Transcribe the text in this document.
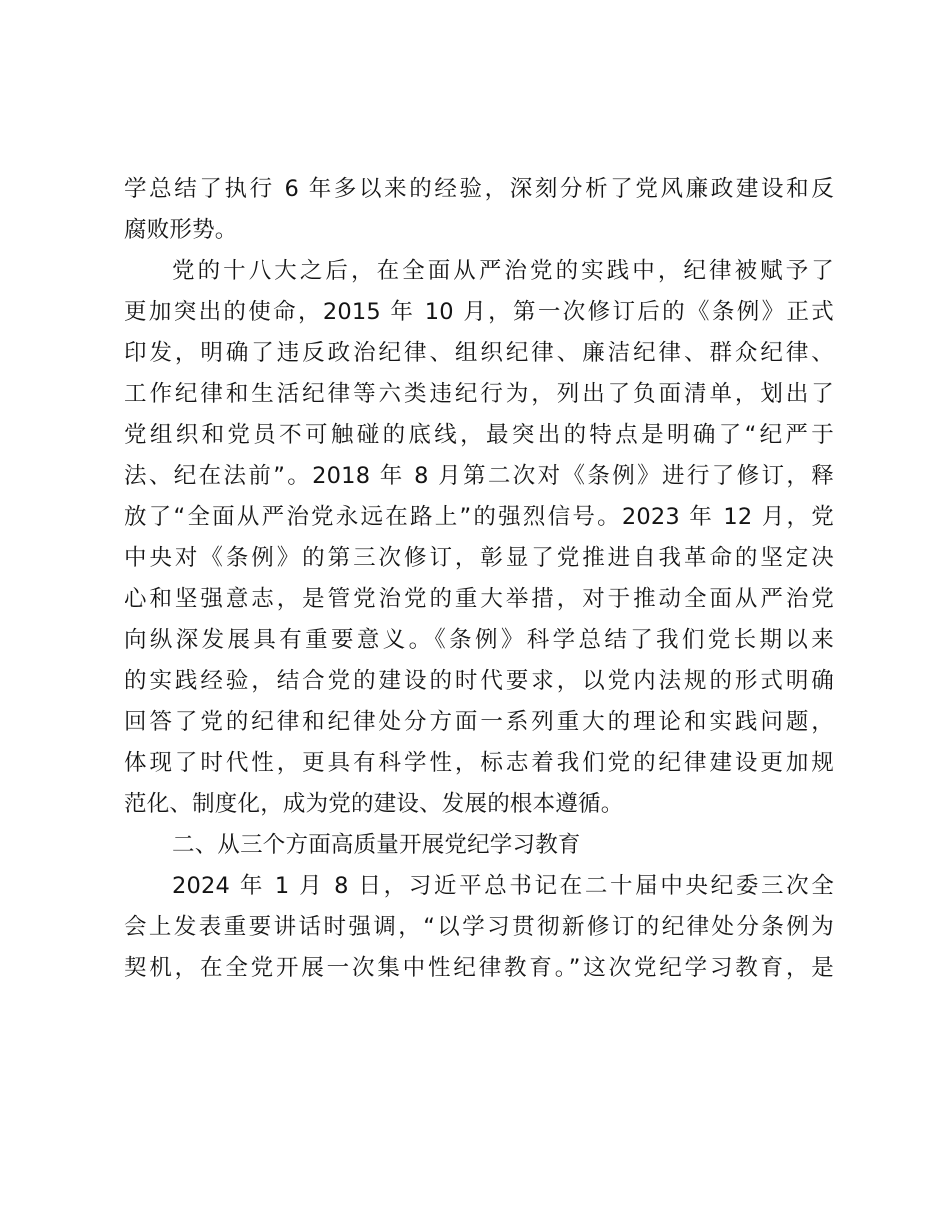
学总结了执行 6 年多以来的经验，深刻分析了党风廉政建设和反
腐败形势。
党的十八大之后，在全面从严治党的实践中，纪律被赋予了
更加突出的使命，2015 年 10 月，第一次修订后的《条例》正式
印发，明确了违反政治纪律、组织纪律、廉洁纪律、群众纪律、
工作纪律和生活纪律等六类违纪行为，列出了负面清单，划出了
党组织和党员不可触碰的底线，最突出的特点是明确了“纪严于
法、纪在法前”。2018 年 8 月第二次对《条例》进行了修订，释
放了“全面从严治党永远在路上”的强烈信号。2023 年 12 月，党
中央对《条例》的第三次修订，彰显了党推进自我革命的坚定决
心和坚强意志，是管党治党的重大举措，对于推动全面从严治党
向纵深发展具有重要意义。《条例》科学总结了我们党长期以来
的实践经验，结合党的建设的时代要求，以党内法规的形式明确
回答了党的纪律和纪律处分方面一系列重大的理论和实践问题，
体现了时代性，更具有科学性，标志着我们党的纪律建设更加规
范化、制度化，成为党的建设、发展的根本遵循。
二、从三个方面高质量开展党纪学习教育
2024 年 1 月 8 日，习近平总书记在二十届中央纪委三次全
会上发表重要讲话时强调，“以学习贯彻新修订的纪律处分条例为
契机，在全党开展一次集中性纪律教育。”这次党纪学习教育，是
